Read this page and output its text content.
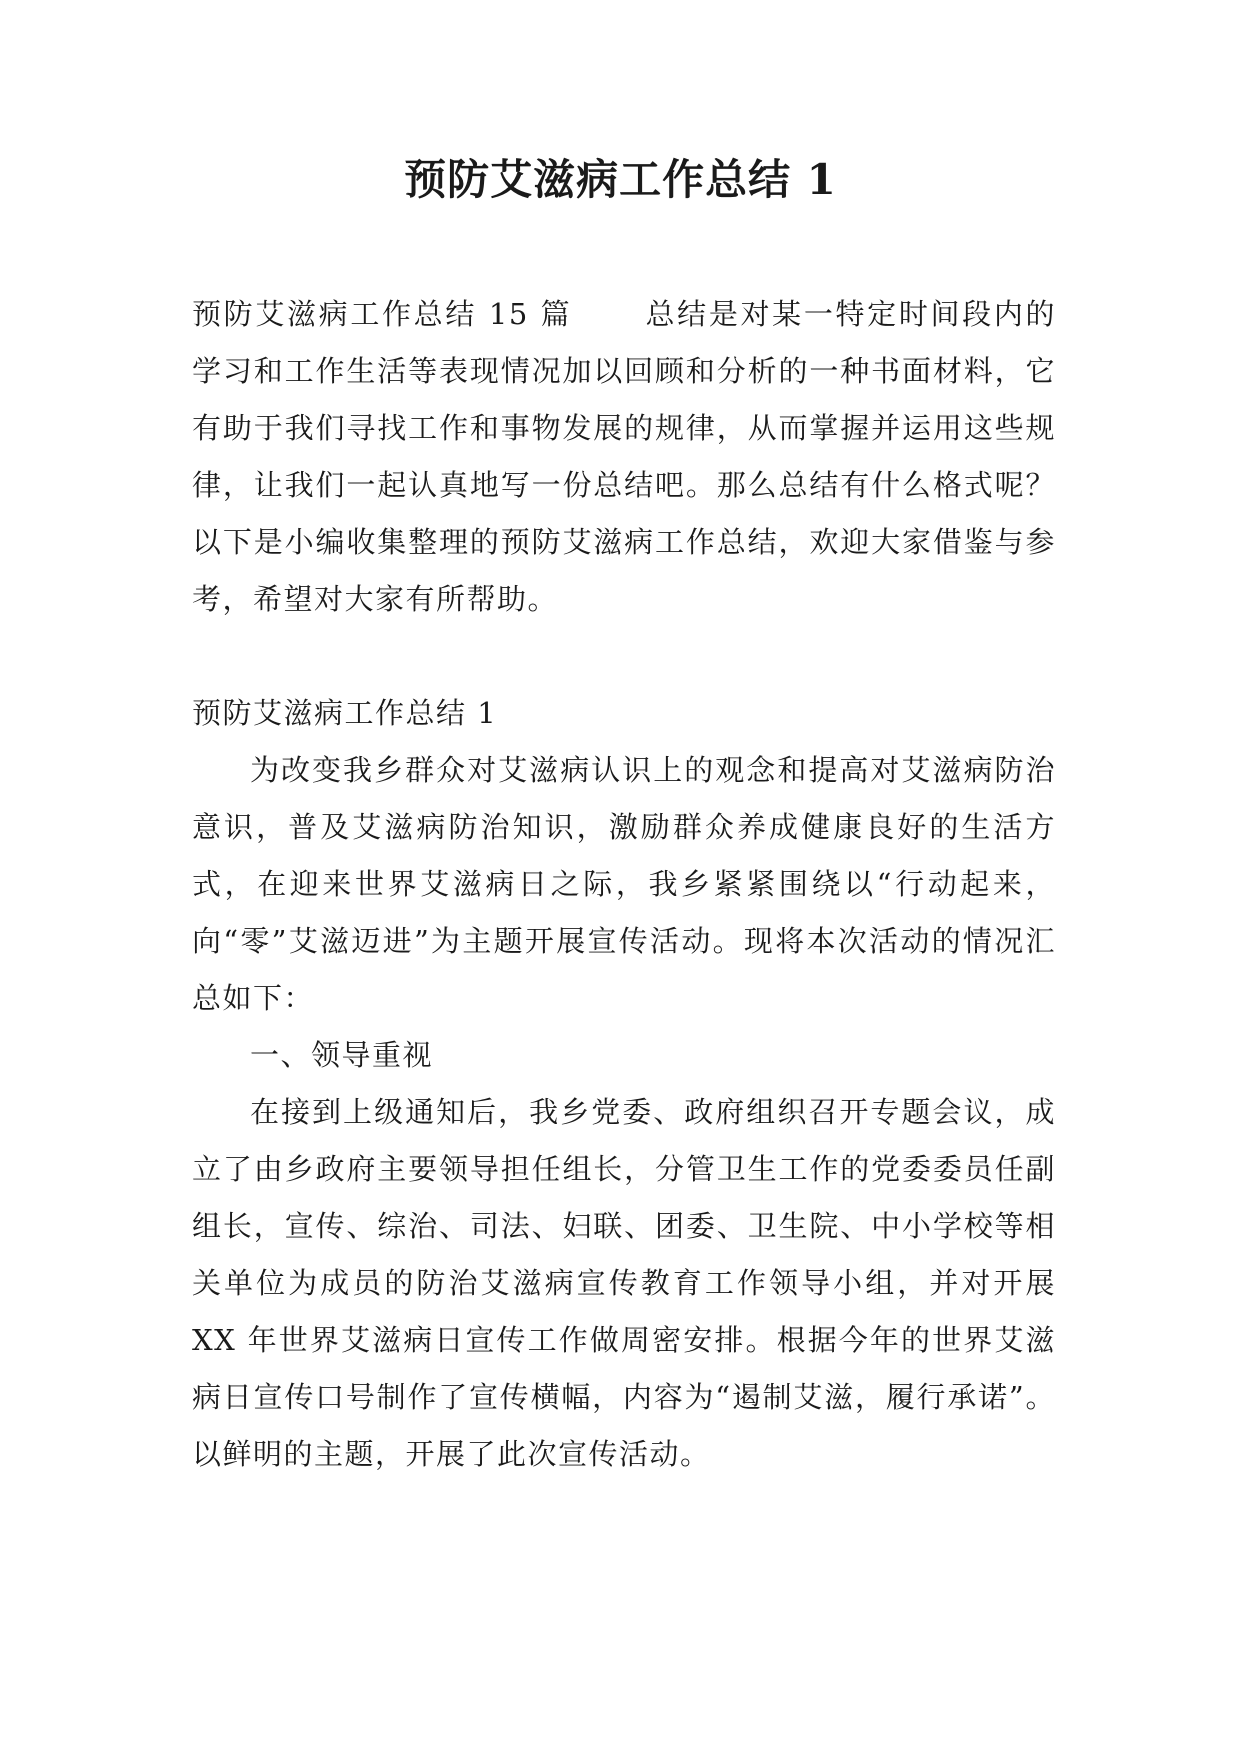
预防艾滋病工作总结 1

预防艾滋病工作总结 15 篇 总结是对某一特定时间段内的学习和工作生活等表现情况加以回顾和分析的一种书面材料，它有助于我们寻找工作和事物发展的规律，从而掌握并运用这些规律，让我们一起认真地写一份总结吧。那么总结有什么格式呢？以下是小编收集整理的预防艾滋病工作总结，欢迎大家借鉴与参考，希望对大家有所帮助。

预防艾滋病工作总结 1

为改变我乡群众对艾滋病认识上的观念和提高对艾滋病防治意识，普及艾滋病防治知识，激励群众养成健康良好的生活方式，在迎来世界艾滋病日之际，我乡紧紧围绕以“行动起来，向“零”艾滋迈进”为主题开展宣传活动。现将本次活动的情况汇总如下：

一、领导重视

在接到上级通知后，我乡党委、政府组织召开专题会议，成立了由乡政府主要领导担任组长，分管卫生工作的党委委员任副组长，宣传、综治、司法、妇联、团委、卫生院、中小学校等相关单位为成员的防治艾滋病宣传教育工作领导小组，并对开展 XX 年世界艾滋病日宣传工作做周密安排。根据今年的世界艾滋病日宣传口号制作了宣传横幅，内容为“遏制艾滋，履行承诺”。以鲜明的主题，开展了此次宣传活动。
